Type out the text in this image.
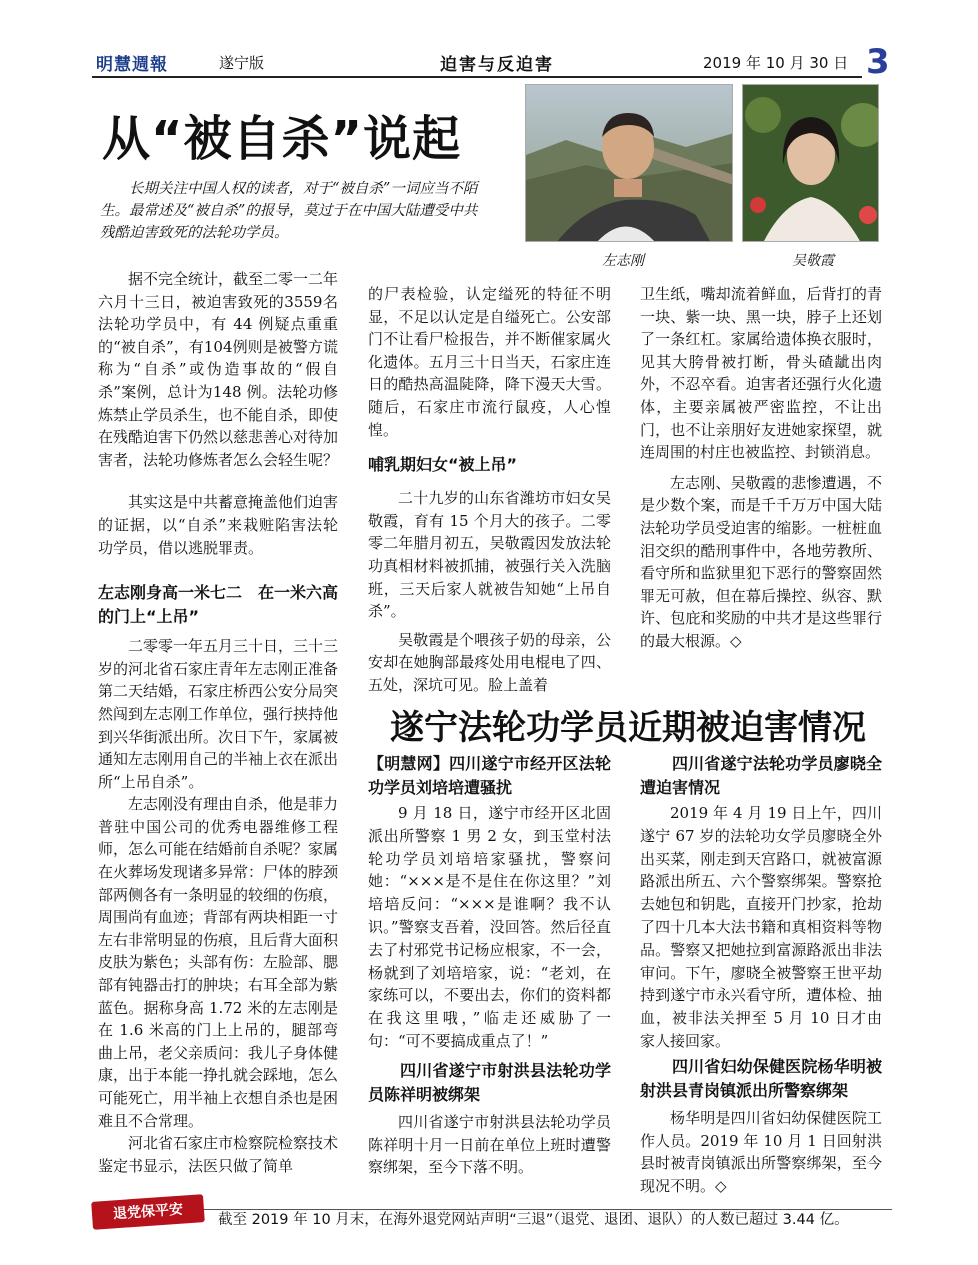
明慧週報	遂宁版	迫害与反迫害	2019 年 10 月 30 日 3
从“被自杀”说起
长期关注中国人权的读者，对于“被自杀”一词应当不陌生。最常述及“被自杀”的报导，莫过于在中国大陆遭受中共残酷迫害致死的法轮功学员。
左志刚	吴敬霞

据不完全统计，截至二零一二年六月十三日，被迫害致死的3559名法轮功学员中，有 44 例疑点重重的“被自杀”，有104例则是被警方谎称为“自杀”或伪造事故的“假自杀”案例，总计为148 例。法轮功修炼禁止学员杀生，也不能自杀，即使在残酷迫害下仍然以慈悲善心对待加害者，法轮功修炼者怎么会轻生呢？

其实这是中共蓄意掩盖他们迫害的证据，以“自杀”来栽赃陷害法轮功学员，借以逃脱罪责。

左志刚身高一米七二　在一米六高的门上“上吊”

二零零一年五月三十日，三十三岁的河北省石家庄青年左志刚正准备第二天结婚，石家庄桥西公安分局突然闯到左志刚工作单位，强行挟持他到兴华街派出所。次日下午，家属被通知左志刚用自己的半袖上衣在派出所“上吊自杀”。

左志刚没有理由自杀，他是菲力普驻中国公司的优秀电器维修工程师，怎么可能在结婚前自杀呢？家属在火葬场发现诸多异常：尸体的脖颈部两侧各有一条明显的较细的伤痕，周围尚有血迹；背部有两块相距一寸左右非常明显的伤痕，且后背大面积皮肤为紫色；头部有伤：左脸部、腮部有钝器击打的肿块；右耳全部为紫蓝色。据称身高 1.72 米的左志刚是在 1.6 米高的门上上吊的，腿部弯曲上吊，老父亲质问：我儿子身体健康，出于本能一挣扎就会踩地，怎么可能死亡，用半袖上衣想自杀也是困难且不合常理。

河北省石家庄市检察院检察技术鉴定书显示，法医只做了简单

的尸表检验，认定缢死的特征不明显，不足以认定是自缢死亡。公安部门不让看尸检报告，并不断催家属火化遗体。五月三十日当天，石家庄连日的酷热高温陡降，降下漫天大雪。随后，石家庄市流行鼠疫，人心惶惶。

哺乳期妇女“被上吊”

二十九岁的山东省潍坊市妇女吴敬霞，育有 15 个月大的孩子。二零零二年腊月初五，吴敬霞因发放法轮功真相材料被抓捕，被强行关入洗脑班，三天后家人就被告知她“上吊自杀”。

吴敬霞是个喂孩子奶的母亲，公安却在她胸部最疼处用电棍电了四、五处，深坑可见。脸上盖着

卫生纸，嘴却流着鲜血，后背打的青一块、紫一块、黑一块，脖子上还划了一条红杠。家属给遗体换衣服时，见其大胯骨被打断，骨头碴龇出肉外，不忍卒看。迫害者还强行火化遗体，主要亲属被严密监控，不让出门，也不让亲朋好友进她家探望，就连周围的村庄也被监控、封锁消息。

左志刚、吴敬霞的悲惨遭遇，不是少数个案，而是千千万万中国大陆法轮功学员受迫害的缩影。一桩桩血泪交织的酷刑事件中，各地劳教所、看守所和监狱里犯下恶行的警察固然罪无可赦，但在幕后操控、纵容、默许、包庇和奖励的中共才是这些罪行的最大根源。◇

遂宁法轮功学员近期被迫害情况
【明慧网】四川遂宁市经开区法轮功学员刘培培遭骚扰

9 月 18 日，遂宁市经开区北固派出所警察 1 男 2 女，到玉堂村法轮功学员刘培培家骚扰，警察问她：“×××是不是住在你这里？”刘培培反问：“×××是谁啊？我不认识。”警察支吾着，没回答。然后径直去了村邪党书记杨应根家，不一会，杨就到了刘培培家，说：“老刘，在家练可以，不要出去，你们的资料都在我这里哦，”临走还威胁了一句：“可不要搞成重点了！”

四川省遂宁市射洪县法轮功学员陈祥明被绑架

四川省遂宁市射洪县法轮功学员陈祥明十月一日前在单位上班时遭警察绑架，至今下落不明。

四川省遂宁法轮功学员廖晓全遭迫害情况

2019 年 4 月 19 日上午，四川遂宁 67 岁的法轮功女学员廖晓全外出买菜，刚走到天宫路口，就被富源路派出所五、六个警察绑架。警察抢去她包和钥匙，直接开门抄家，抢劫了四十几本大法书籍和真相资料等物品。警察又把她拉到富源路派出非法审问。下午，廖晓全被警察王世平劫持到遂宁市永兴看守所，遭体检、抽血，被非法关押至 5 月 10 日才由家人接回家。

四川省妇幼保健医院杨华明被射洪县青岗镇派出所警察绑架

杨华明是四川省妇幼保健医院工作人员。2019 年 10 月 1 日回射洪县时被青岗镇派出所警察绑架，至今现况不明。◇

退党保平安	截至 2019 年 10 月末，在海外退党网站声明“三退”（退党、退团、退队）的人数已超过 3.44 亿。
